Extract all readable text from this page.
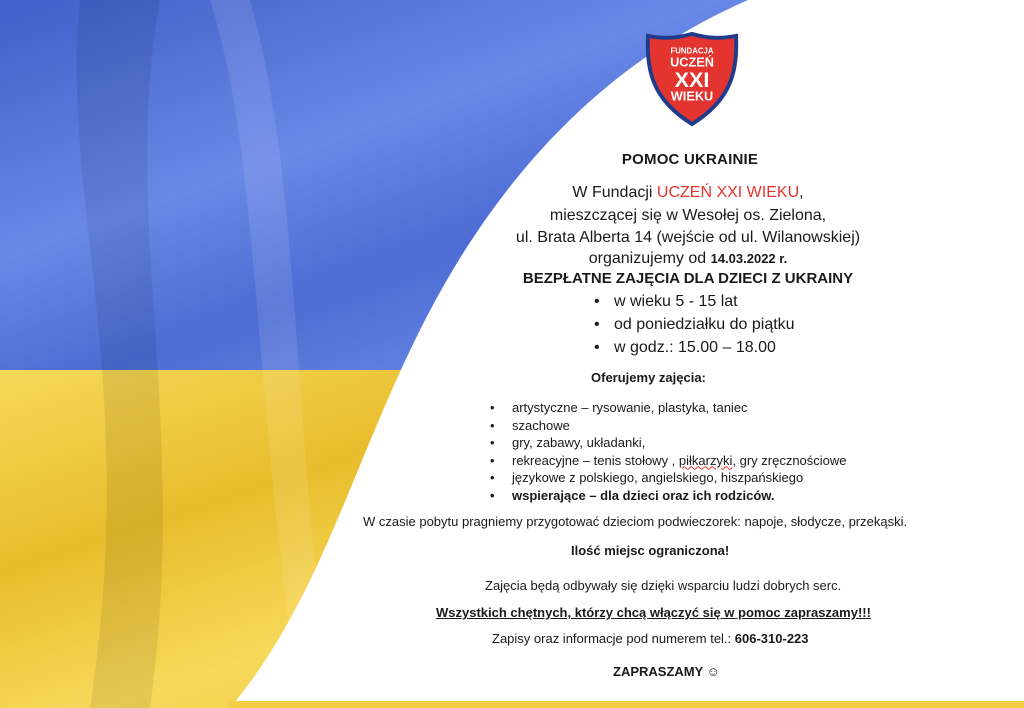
FUNDACJA
UCZEŃ
XXI
WIEKU
POMOC UKRAINIE
W Fundacji UCZEŃ XXI WIEKU,
mieszczącej się w Wesołej os. Zielona,
ul. Brata Alberta 14 (wejście od ul. Wilanowskiej)
organizujemy od 14.03.2022 r.
BEZPŁATNE ZAJĘCIA DLA DZIECI Z UKRAINY
• w wieku 5 - 15 lat
• od poniedziałku do piątku
• w godz.: 15.00 – 18.00
Oferujemy zajęcia:
• artystyczne – rysowanie, plastyka, taniec
• szachowe
• gry, zabawy, układanki,
• rekreacyjne – tenis stołowy , piłkarzyki, gry zręcznościowe
• językowe z polskiego, angielskiego, hiszpańskiego
• wspierające – dla dzieci oraz ich rodziców.
W czasie pobytu pragniemy przygotować dzieciom podwieczorek: napoje, słodycze, przekąski.
Ilość miejsc ograniczona!
Zajęcia będą odbywały się dzięki wsparciu ludzi dobrych serc.
Wszystkich chętnych, którzy chcą włączyć się w pomoc zapraszamy!!!
Zapisy oraz informacje pod numerem tel.: 606-310-223
ZAPRASZAMY ☺
